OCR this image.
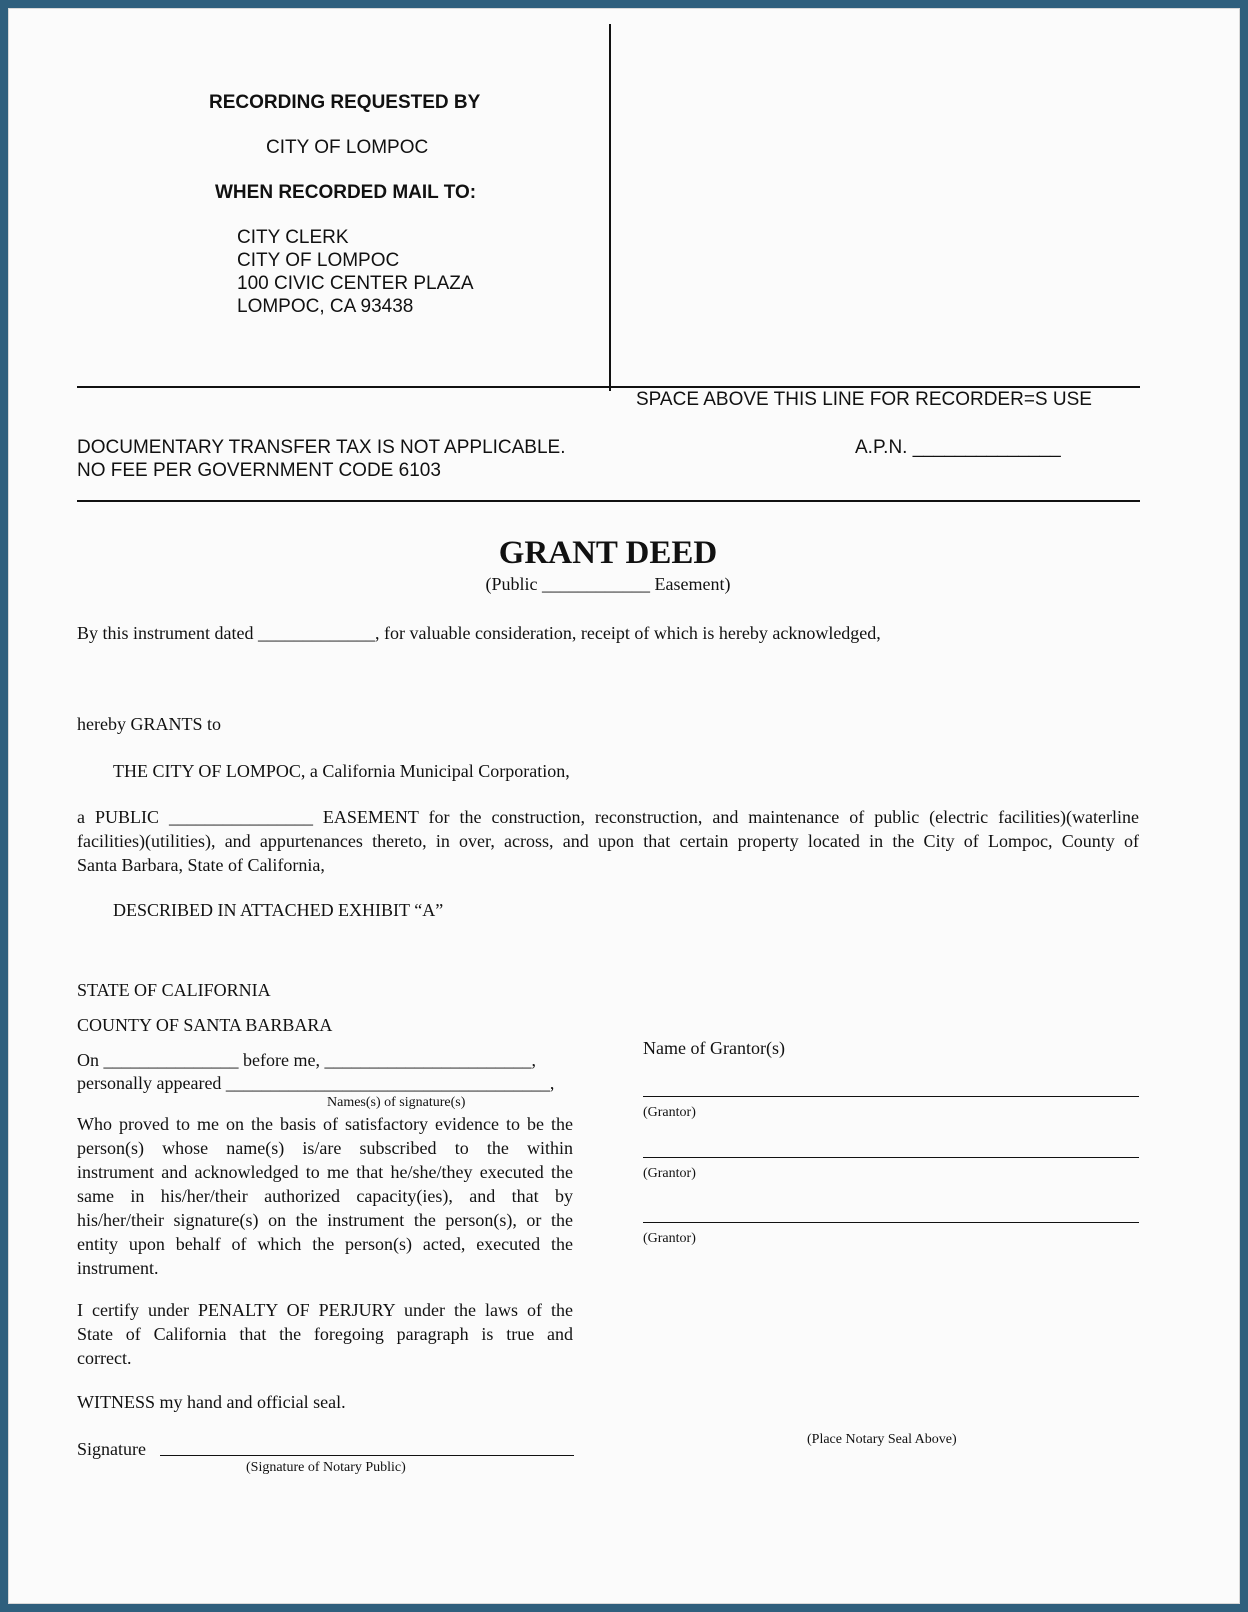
RECORDING REQUESTED BY
CITY OF LOMPOC
WHEN RECORDED MAIL TO:
CITY CLERK
CITY OF LOMPOC
100 CIVIC CENTER PLAZA
LOMPOC, CA 93438
SPACE ABOVE THIS LINE FOR RECORDER=S USE
DOCUMENTARY TRANSFER TAX IS NOT APPLICABLE.
NO FEE PER GOVERNMENT CODE 6103
A.P.N. ______________
GRANT DEED
(Public ____________ Easement)
By this instrument dated _____________, for valuable consideration, receipt of which is hereby acknowledged,
hereby GRANTS to
THE CITY OF LOMPOC, a California Municipal Corporation,
a PUBLIC ________________ EASEMENT for the construction, reconstruction, and maintenance of public (electric facilities)(waterline
facilities)(utilities), and appurtenances thereto, in over, across, and upon that certain property located in the City of Lompoc, County of
Santa Barbara, State of California,
DESCRIBED IN ATTACHED EXHIBIT “A”
STATE OF CALIFORNIA
COUNTY OF SANTA BARBARA
On _______________ before me, _______________________,
personally appeared ____________________________________,
Names(s) of signature(s)
Who proved to me on the basis of satisfactory evidence to be the
person(s) whose name(s) is/are subscribed to the within
instrument and acknowledged to me that he/she/they executed the
same in his/her/their authorized capacity(ies), and that by
his/her/their signature(s) on the instrument the person(s), or the
entity upon behalf of which the person(s) acted, executed the
instrument.
I certify under PENALTY OF PERJURY under the laws of the
State of California that the foregoing paragraph is true and
correct.
WITNESS my hand and official seal.
Signature
(Signature of Notary Public)
Name of Grantor(s)
(Grantor)
(Grantor)
(Grantor)
(Place Notary Seal Above)
